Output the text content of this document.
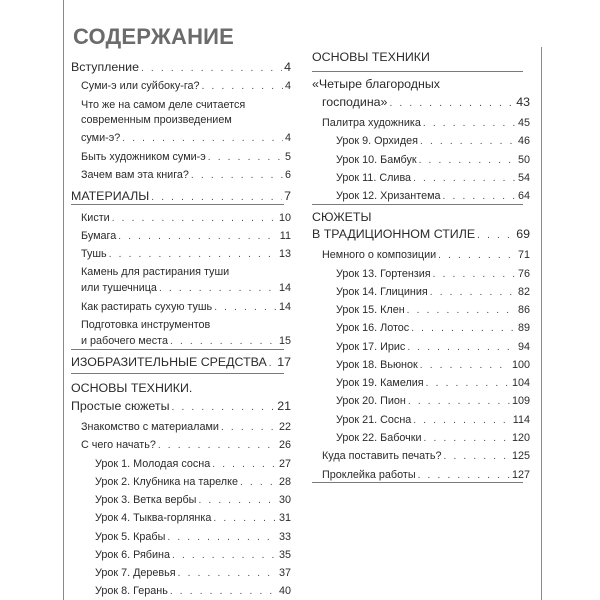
СОДЕРЖАНИЕ
Вступление . . .	4
Суми-э или суйбоку-га? . . .	4
Что же на самом деле считается
современным произведением
суми-э? . . .	4
Быть художником суми-э . . .	5
Зачем вам эта книга? . . .	6
МАТЕРИАЛЫ . . .	7
Кисти . . .	10
Бумага . . .	11
Тушь . . .	13
Камень для растирания туши
или тушечница . . .	14
Как растирать сухую тушь . . .	14
Подготовка инструментов
и рабочего места . . .	15
ИЗОБРАЗИТЕЛЬНЫЕ СРЕДСТВА . . . 17
ОСНОВЫ ТЕХНИКИ.
Простые сюжеты . . .	21
Знакомство с материалами . . .	22
С чего начать? . . .	26
Урок 1. Молодая сосна . . .	27
Урок 2. Клубника на тарелке . . .	28
Урок 3. Ветка вербы . . .	30
Урок 4. Тыква-горлянка . . .	31
Урок 5. Крабы . . .	33
Урок 6. Рябина . . .	35
Урок 7. Деревья . . .	37
Урок 8. Герань . . .	40
ОСНОВЫ ТЕХНИКИ
«Четыре благородных
господина» . . .	43
Палитра художника . . .	45
Урок 9. Орхидея . . .	46
Урок 10. Бамбук . . .	50
Урок 11. Слива . . .	54
Урок 12. Хризантема . . .	64
СЮЖЕТЫ
В ТРАДИЦИОННОМ СТИЛЕ . . .	69
Немного о композиции . . .	71
Урок 13. Гортензия . . .	76
Урок 14. Глициния . . .	82
Урок 15. Клен . . .	86
Урок 16. Лотос . . .	89
Урок 17. Ирис . . .	94
Урок 18. Вьюнок . . .	100
Урок 19. Камелия . . .	104
Урок 20. Пион . . .	109
Урок 21. Сосна . . .	114
Урок 22. Бабочки . . .	120
Куда поставить печать? . . .	125
Проклейка работы . . .	127
